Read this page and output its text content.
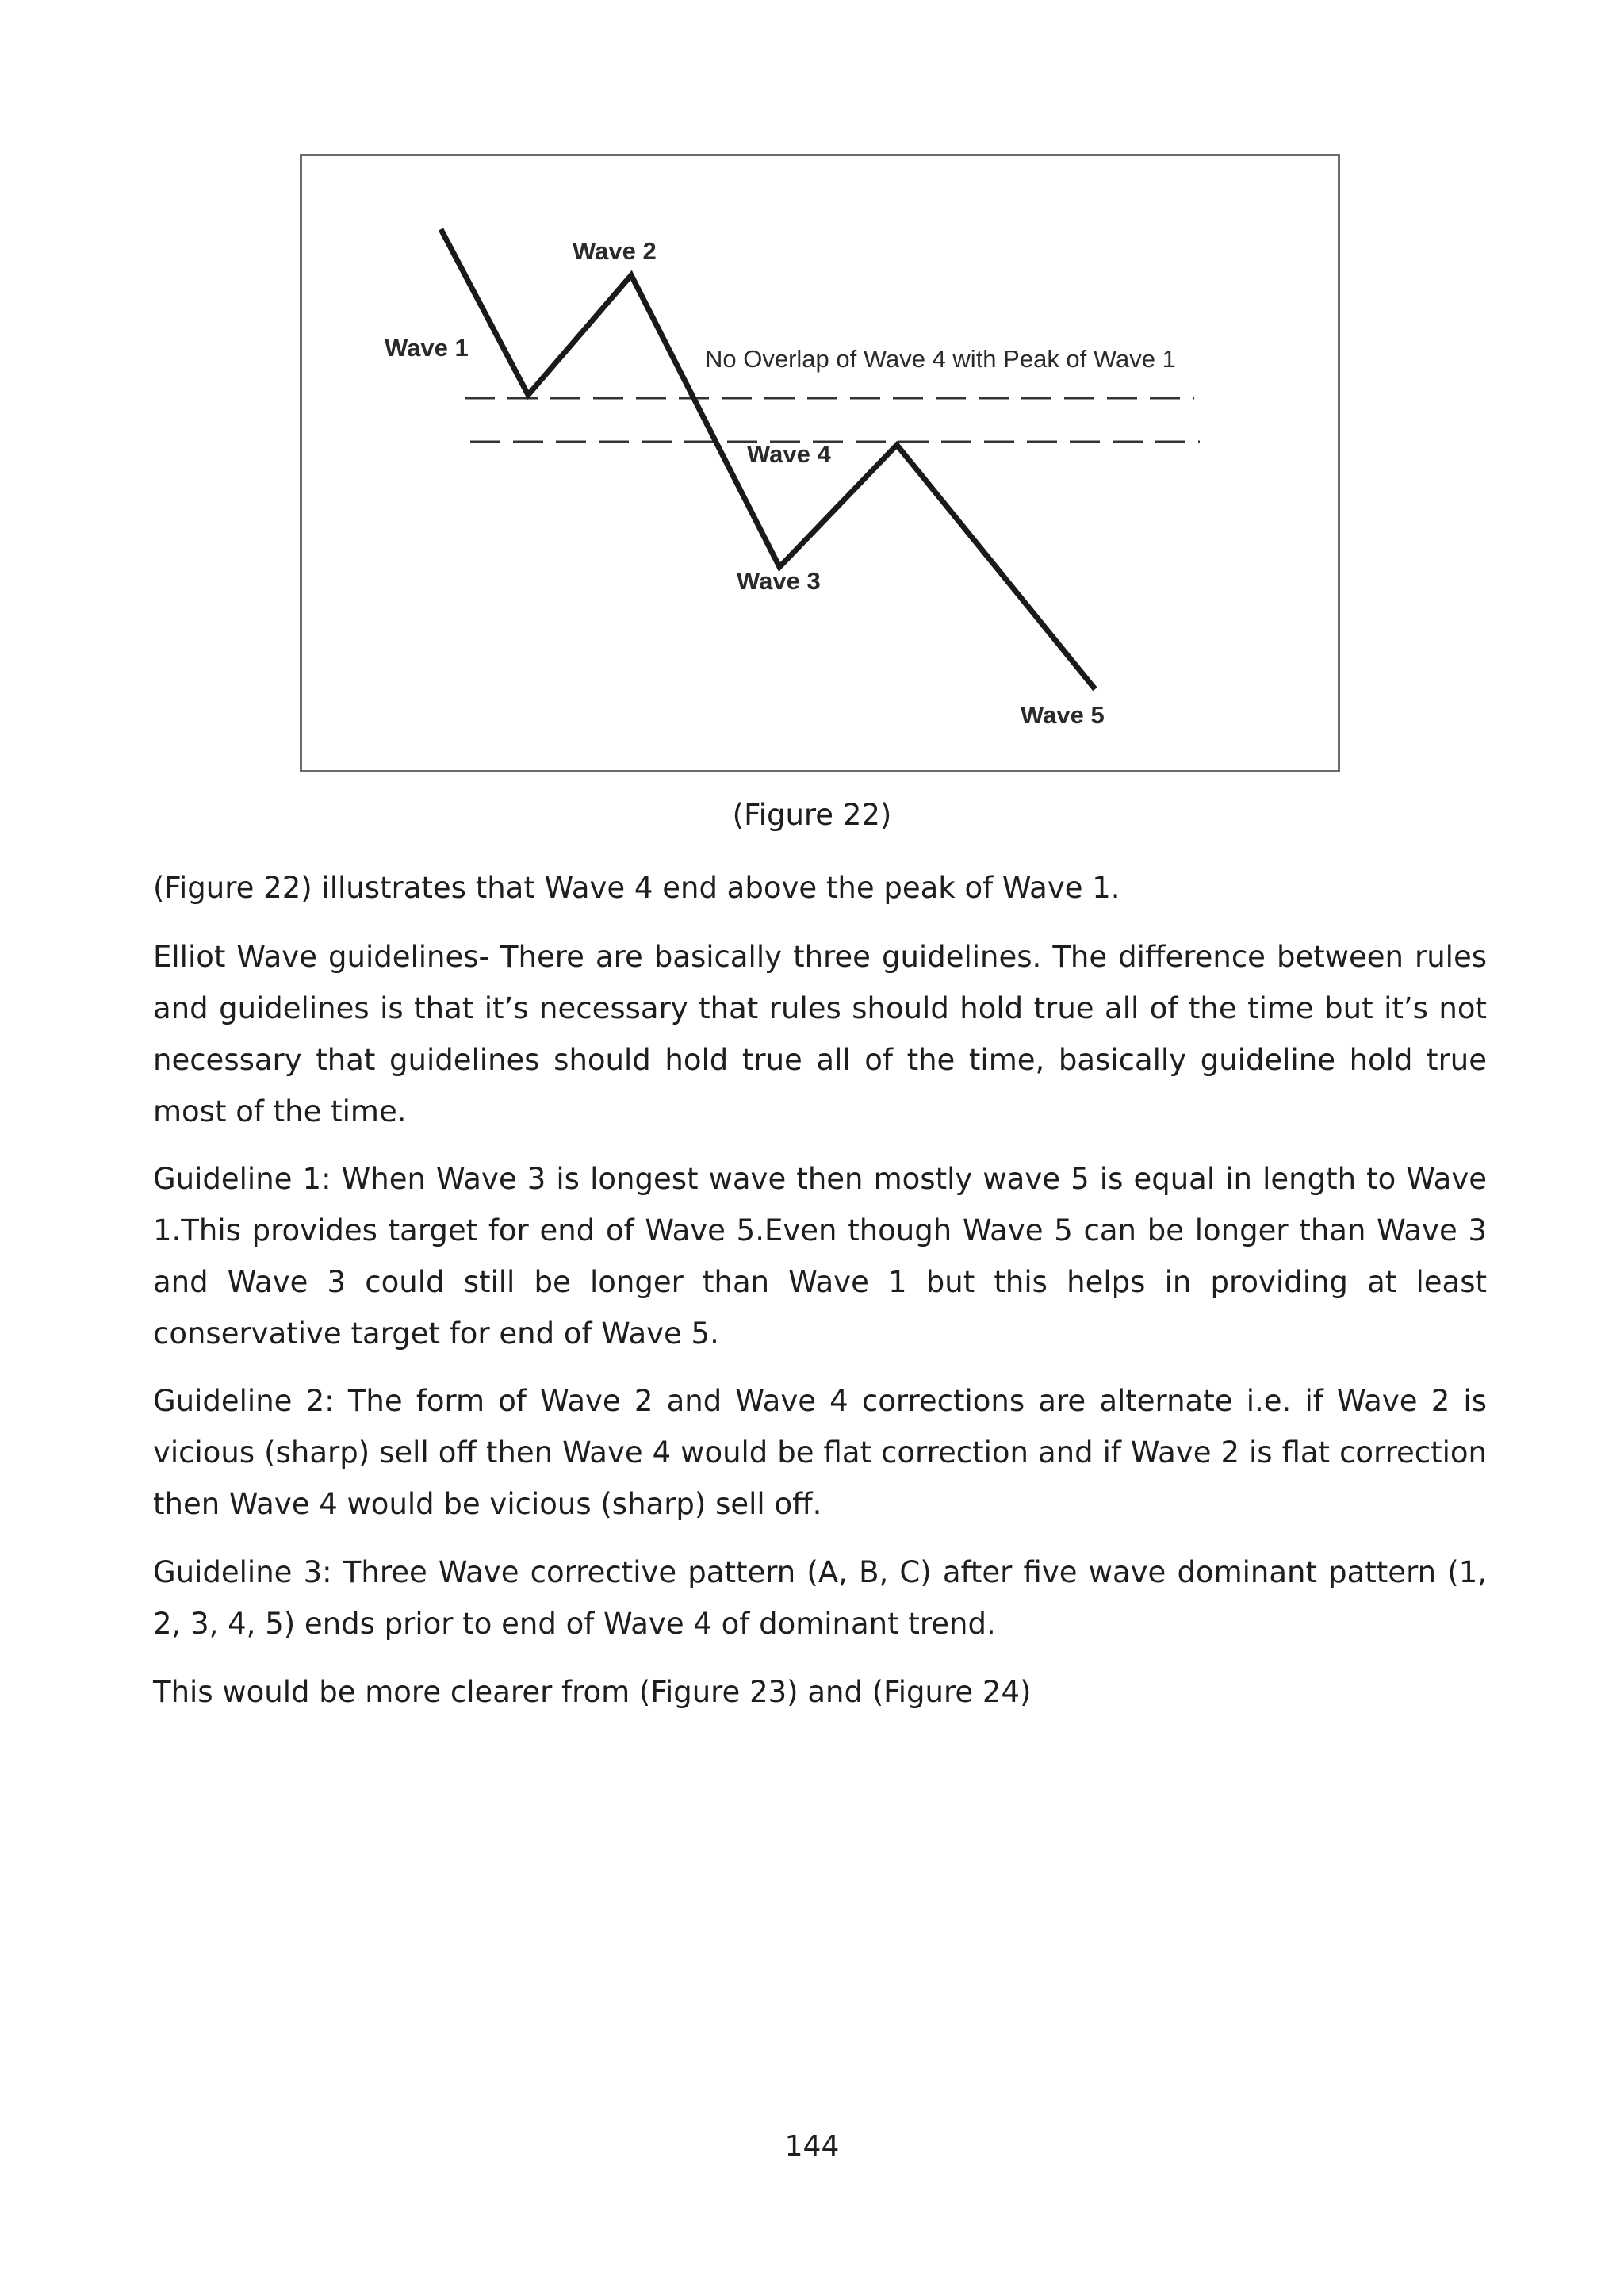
Wave 1
Wave 2
No Overlap of Wave 4 with Peak of Wave 1
Wave 4
Wave 3
Wave 5
(Figure 22)

(Figure 22) illustrates that Wave 4 end above the peak of Wave 1.

Elliot Wave guidelines- There are basically three guidelines. The difference between rules and guidelines is that it’s necessary that rules should hold true all of the time but it’s not necessary that guidelines should hold true all of the time, basically guideline hold true most of the time.

Guideline 1: When Wave 3 is longest wave then mostly wave 5 is equal in length to Wave 1.This provides target for end of Wave 5.Even though Wave 5 can be longer than Wave 3 and Wave 3 could still be longer than Wave 1 but this helps in providing at least conservative target for end of Wave 5.

Guideline 2: The form of Wave 2 and Wave 4 corrections are alternate i.e. if Wave 2 is vicious (sharp) sell off then Wave 4 would be flat correction and if Wave 2 is flat correction then Wave 4 would be vicious (sharp) sell off.

Guideline 3: Three Wave corrective pattern (A, B, C) after five wave dominant pattern (1, 2, 3, 4, 5) ends prior to end of Wave 4 of dominant trend.

This would be more clearer from (Figure 23) and (Figure 24)

144
